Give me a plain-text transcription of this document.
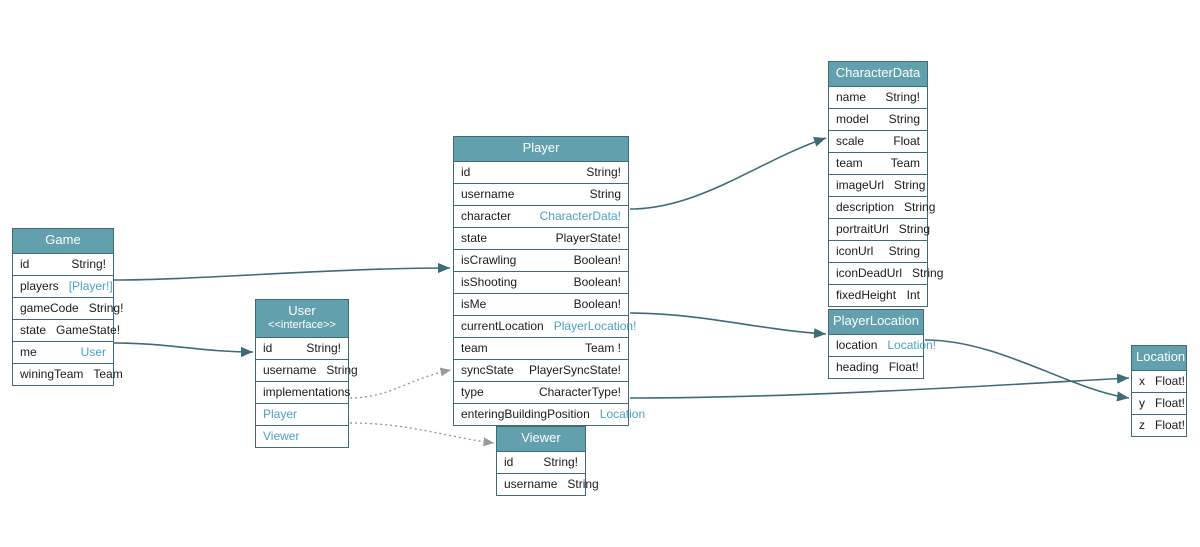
Game
id	String!
players [Player!]
gameCode String!
state GameState!
me	User
winingTeam Team
User
<<interface>>
id	String!
username String
implementations
Player
Viewer
Player
id	String!
username	String
character	CharacterData!
state	PlayerState!
isCrawling	Boolean!
isShooting	Boolean!
isMe	Boolean!
currentLocation PlayerLocation!
team	Team !
syncState	PlayerSyncState!
type	CharacterType!
enteringBuildingPosition Location
Viewer
id	String!
username String
CharacterData
name	String!
model	String
scale	Float
team	Team
imageUrl String
description String
portraitUrl String
iconUrl	String
iconDeadUrl String
fixedHeight Int
PlayerLocation
location Location!
heading Float!
Location
x Float!
y Float!
z Float!
